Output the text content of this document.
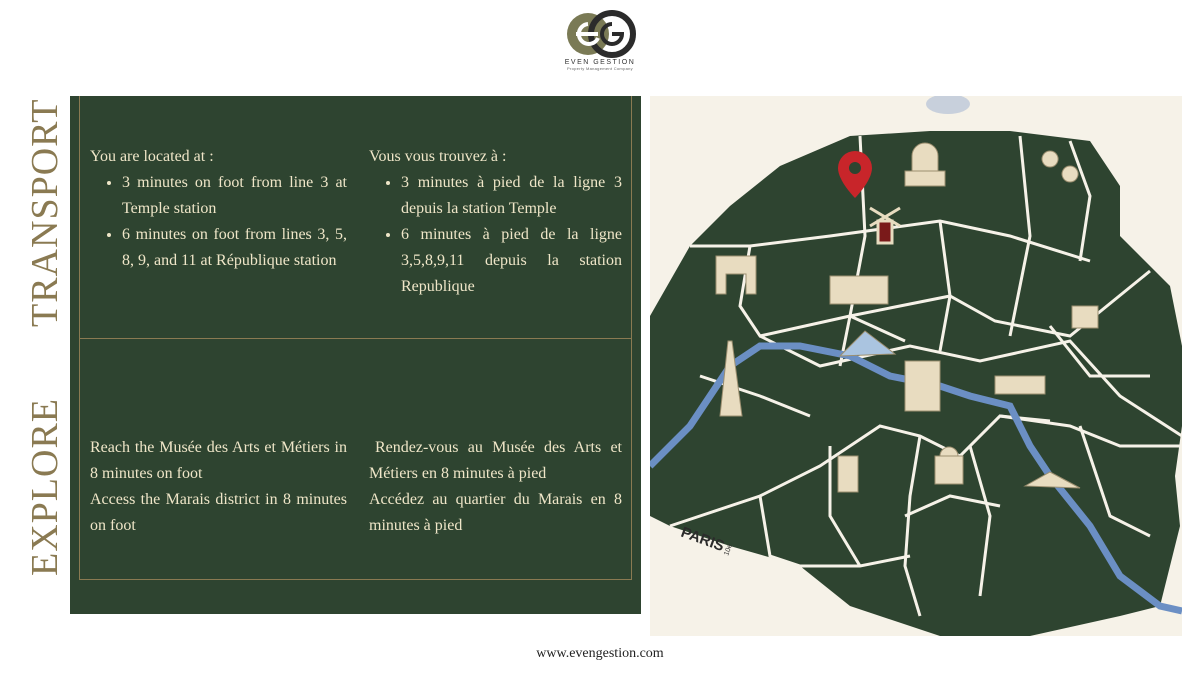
EVEN GESTION
Property Management Company
TRANSPORT
EXPLORE

You are located at :

• 3 minutes on foot from line 3 at Temple station
• 6 minutes on foot from lines 3, 5, 8, 9, and 11 at République station

Vous vous trouvez à :

• 3 minutes à pied de la ligne 3 depuis la station Temple
• 6 minutes à pied de la ligne 3,5,8,9,11 depuis la station Republique

Reach the Musée des Arts et Métiers in 8 minutes on foot

Access the Marais district in 8 minutes on foot

Rendez-vous au Musée des Arts et Métiers en 8 minutes à pied

Accédez au quartier du Marais en 8 minutes à pied	PARIS
10e
www.evengestion.com
